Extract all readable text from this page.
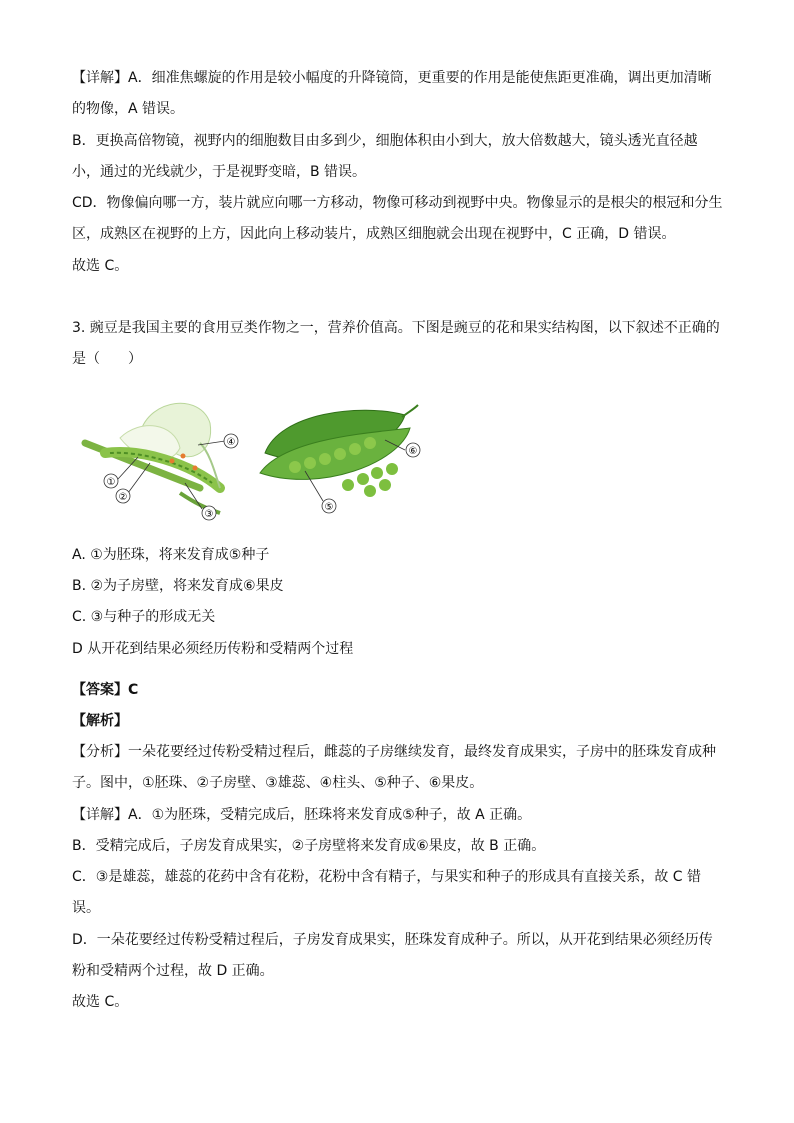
【详解】A．细准焦螺旋的作用是较小幅度的升降镜筒，更重要的作用是能使焦距更准确，调出更加清晰
的物像，A 错误。
B．更换高倍物镜，视野内的细胞数目由多到少，细胞体积由小到大，放大倍数越大，镜头透光直径越
小，通过的光线就少，于是视野变暗，B 错误。
CD．物像偏向哪一方，装片就应向哪一方移动，物像可移动到视野中央。物像显示的是根尖的根冠和分生
区，成熟区在视野的上方，因此向上移动装片，成熟区细胞就会出现在视野中，C 正确，D 错误。
故选 C。
3. 豌豆是我国主要的食用豆类作物之一，营养价值高。下图是豌豆的花和果实结构图，以下叙述不正确的
是（　　）
④
①
②
③
⑥
⑤
A. ①为胚珠，将来发育成⑤种子
B. ②为子房壁，将来发育成⑥果皮
C. ③与种子的形成无关
D 从开花到结果必须经历传粉和受精两个过程
【答案】C
【解析】
【分析】一朵花要经过传粉受精过程后，雌蕊的子房继续发育，最终发育成果实，子房中的胚珠发育成种
子。图中，①胚珠、②子房壁、③雄蕊、④柱头、⑤种子、⑥果皮。
【详解】A．①为胚珠，受精完成后，胚珠将来发育成⑤种子，故 A 正确。
B．受精完成后，子房发育成果实，②子房壁将来发育成⑥果皮，故 B 正确。
C．③是雄蕊，雄蕊的花药中含有花粉，花粉中含有精子，与果实和种子的形成具有直接关系，故 C 错
误。
D．一朵花要经过传粉受精过程后，子房发育成果实，胚珠发育成种子。所以，从开花到结果必须经历传
粉和受精两个过程，故 D 正确。
故选 C。
